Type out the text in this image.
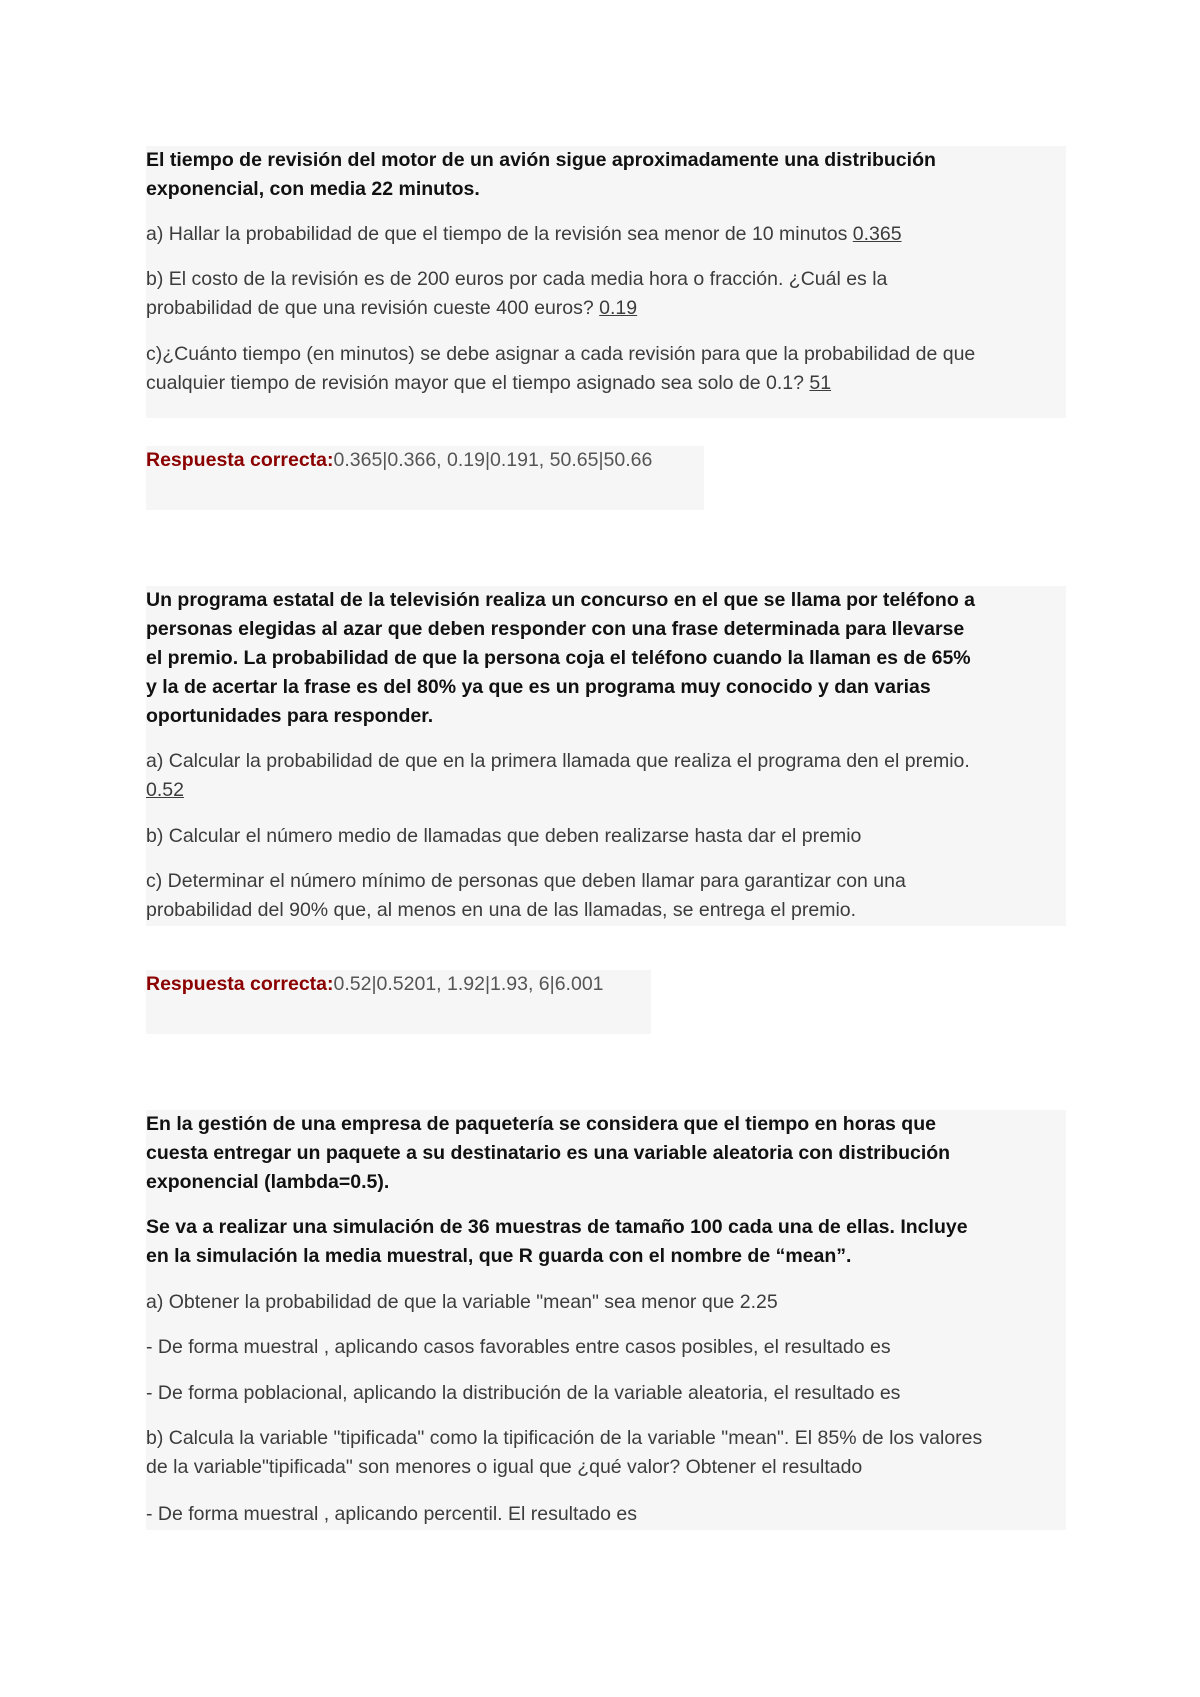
El tiempo de revisión del motor de un avión sigue aproximadamente una distribución

exponencial, con media 22 minutos.

a) Hallar la probabilidad de que el tiempo de la revisión sea menor de 10 minutos 0.365

b) El costo de la revisión es de 200 euros por cada media hora o fracción. ¿Cuál es la

probabilidad de que una revisión cueste 400 euros? 0.19

c)¿Cuánto tiempo (en minutos) se debe asignar a cada revisión para que la probabilidad de que

cualquier tiempo de revisión mayor que el tiempo asignado sea solo de 0.1? 51

Respuesta correcta:0.365|0.366, 0.19|0.191, 50.65|50.66

Un programa estatal de la televisión realiza un concurso en el que se llama por teléfono a

personas elegidas al azar que deben responder con una frase determinada para llevarse

el premio. La probabilidad de que la persona coja el teléfono cuando la llaman es de 65%

y la de acertar la frase es del 80% ya que es un programa muy conocido y dan varias

oportunidades para responder.

a) Calcular la probabilidad de que en la primera llamada que realiza el programa den el premio.

0.52

b) Calcular el número medio de llamadas que deben realizarse hasta dar el premio

c) Determinar el número mínimo de personas que deben llamar para garantizar con una

probabilidad del 90% que, al menos en una de las llamadas, se entrega el premio.

Respuesta correcta:0.52|0.5201, 1.92|1.93, 6|6.001

En la gestión de una empresa de paquetería se considera que el tiempo en horas que

cuesta entregar un paquete a su destinatario es una variable aleatoria con distribución

exponencial (lambda=0.5).

Se va a realizar una simulación de 36 muestras de tamaño 100 cada una de ellas. Incluye

en la simulación la media muestral, que R guarda con el nombre de “mean”.

a) Obtener la probabilidad de que la variable "mean" sea menor que 2.25

- De forma muestral , aplicando casos favorables entre casos posibles, el resultado es

- De forma poblacional, aplicando la distribución de la variable aleatoria, el resultado es

b) Calcula la variable "tipificada" como la tipificación de la variable "mean". El 85% de los valores

de la variable"tipificada" son menores o igual que ¿qué valor? Obtener el resultado

- De forma muestral , aplicando percentil. El resultado es
